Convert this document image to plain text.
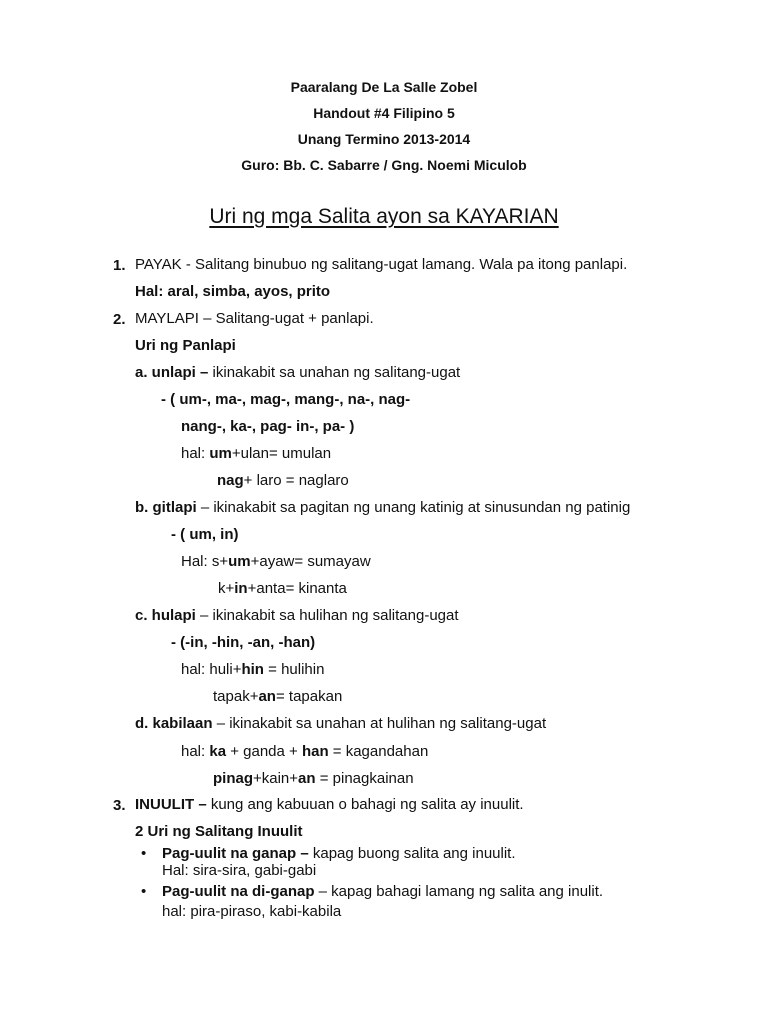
Paaralang De La Salle Zobel
Handout #4 Filipino 5
Unang Termino 2013-2014
Guro: Bb. C. Sabarre / Gng. Noemi Miculob
Uri ng mga Salita ayon sa KAYARIAN
1. PAYAK - Salitang binubuo ng salitang-ugat lamang. Wala pa itong panlapi.
Hal: aral, simba, ayos, prito
2. MAYLAPI – Salitang-ugat + panlapi.
Uri ng Panlapi
a. unlapi – ikinakabit sa unahan ng salitang-ugat
- ( um-, ma-, mag-, mang-, na-, nag-
nang-, ka-, pag- in-, pa- )
hal: um+ulan= umulan
nag+ laro = naglaro
b. gitlapi – ikinakabit sa pagitan ng unang katinig at sinusundan ng patinig
- ( um, in)
Hal: s+um+ayaw= sumayaw
k+in+anta= kinanta
c. hulapi – ikinakabit sa hulihan ng salitang-ugat
- (-in, -hin, -an, -han)
hal: huli+hin = hulihin
tapak+an= tapakan
d. kabilaan – ikinakabit sa unahan at hulihan ng salitang-ugat
hal: ka + ganda + han = kagandahan
pinag+kain+an = pinagkainan
3. INUULIT – kung ang kabuuan o bahagi ng salita ay inuulit.
2 Uri ng Salitang Inuulit
• Pag-uulit na ganap – kapag buong salita ang inuulit.
Hal: sira-sira, gabi-gabi
• Pag-uulit na di-ganap – kapag bahagi lamang ng salita ang inulit.
hal: pira-piraso, kabi-kabila
